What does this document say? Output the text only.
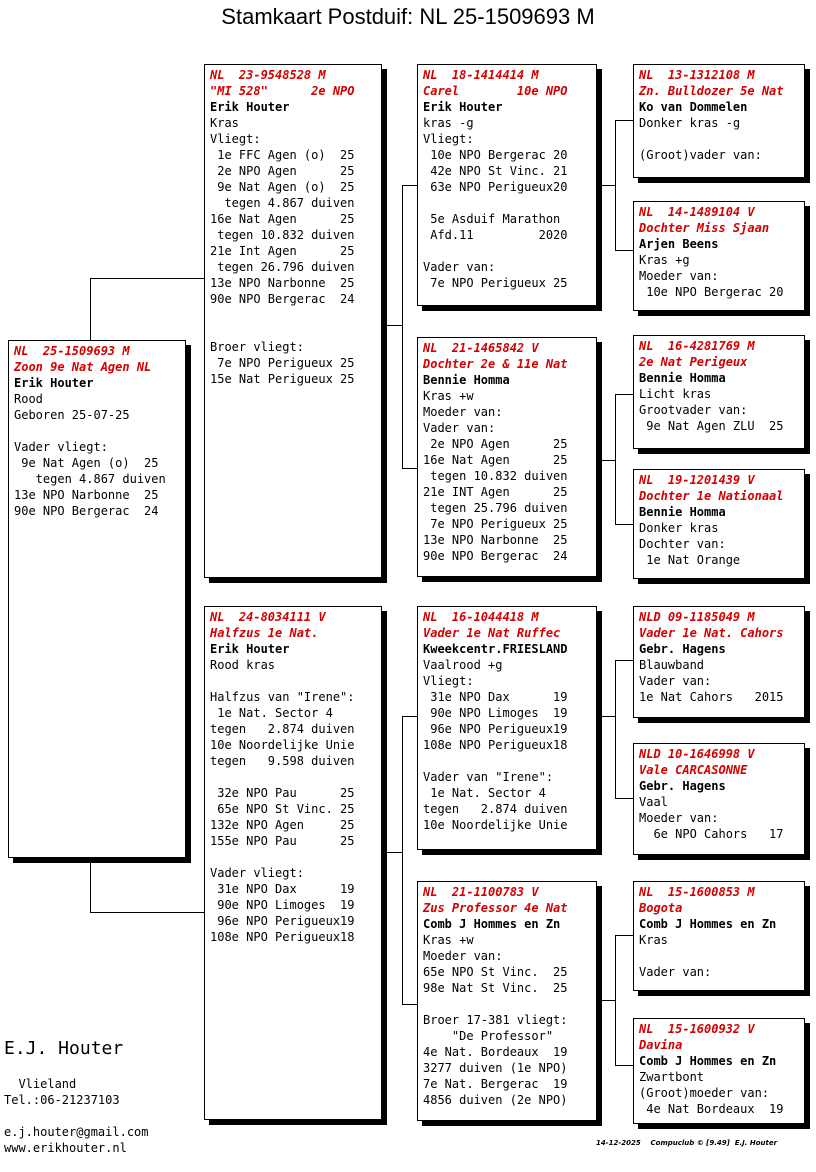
Stamkaart Postduif: NL 25-1509693 M
NL  25-1509693 M
Zoon 9e Nat Agen NL
Erik Houter
Rood
Geboren 25-07-25
Vader vliegt:
9e Nat Agen (o)  25
tegen 4.867 duiven
13e NPO Narbonne  25
90e NPO Bergerac  24
NL  23-9548528 M
"MI 528"      2e NPO
Erik Houter
Kras
Vliegt:
1e FFC Agen (o)  25
2e NPO Agen      25
9e Nat Agen (o)  25
tegen 4.867 duiven
16e Nat Agen      25
tegen 10.832 duiven
21e Int Agen      25
tegen 26.796 duiven
13e NPO Narbonne  25
90e NPO Bergerac  24
Broer vliegt:
7e NPO Perigueux 25
15e Nat Perigueux 25
NL  24-8034111 V
Halfzus 1e Nat.
Erik Houter
Rood kras
Halfzus van "Irene":
1e Nat. Sector 4
tegen   2.874 duiven
10e Noordelijke Unie
tegen   9.598 duiven
32e NPO Pau      25
65e NPO St Vinc. 25
132e NPO Agen     25
155e NPO Pau      25
Vader vliegt:
31e NPO Dax      19
90e NPO Limoges  19
96e NPO Perigueux19
108e NPO Perigueux18
NL  18-1414414 M
Carel        10e NPO
Erik Houter
kras -g
Vliegt:
10e NPO Bergerac 20
42e NPO St Vinc. 21
63e NPO Perigueux20
5e Asduif Marathon
Afd.11         2020
Vader van:
7e NPO Perigueux 25
NL  21-1465842 V
Dochter 2e & 11e Nat
Bennie Homma
Kras +w
Moeder van:
Vader van:
2e NPO Agen      25
16e Nat Agen      25
tegen 10.832 duiven
21e INT Agen      25
tegen 25.796 duiven
7e NPO Perigueux 25
13e NPO Narbonne  25
90e NPO Bergerac  24
NL  16-1044418 M
Vader 1e Nat Ruffec
Kweekcentr.FRIESLAND
Vaalrood +g
Vliegt:
31e NPO Dax      19
90e NPO Limoges  19
96e NPO Perigueux19
108e NPO Perigueux18
Vader van "Irene":
1e Nat. Sector 4
tegen   2.874 duiven
10e Noordelijke Unie
NL  21-1100783 V
Zus Professor 4e Nat
Comb J Hommes en Zn
Kras +w
Moeder van:
65e NPO St Vinc.  25
98e Nat St Vinc.  25
Broer 17-381 vliegt:
"De Professor"
4e Nat. Bordeaux  19
3277 duiven (1e NPO)
7e Nat. Bergerac  19
4856 duiven (2e NPO)
NL  13-1312108 M
Zn. Bulldozer 5e Nat
Ko van Dommelen
Donker kras -g
(Groot)vader van:
NL  14-1489104 V
Dochter Miss Sjaan
Arjen Beens
Kras +g
Moeder van:
10e NPO Bergerac 20
NL  16-4281769 M
2e Nat Perigeux
Bennie Homma
Licht kras
Grootvader van:
9e Nat Agen ZLU  25
NL  19-1201439 V
Dochter 1e Nationaal
Bennie Homma
Donker kras
Dochter van:
1e Nat Orange
NLD 09-1185049 M
Vader 1e Nat. Cahors
Gebr. Hagens
Blauwband
Vader van:
1e Nat Cahors   2015
NLD 10-1646998 V
Vale CARCASONNE
Gebr. Hagens
Vaal
Moeder van:
6e NPO Cahors   17
NL  15-1600853 M
Bogota
Comb J Hommes en Zn
Kras
Vader van:
NL  15-1600932 V
Davina
Comb J Hommes en Zn
Zwartbont
(Groot)moeder van:
4e Nat Bordeaux  19
E.J. Houter
Vlieland
Tel.:06-21237103
e.j.houter@gmail.com
www.erikhouter.nl	14-12-2025    Compuclub © [9.49]  E.J. Houter
